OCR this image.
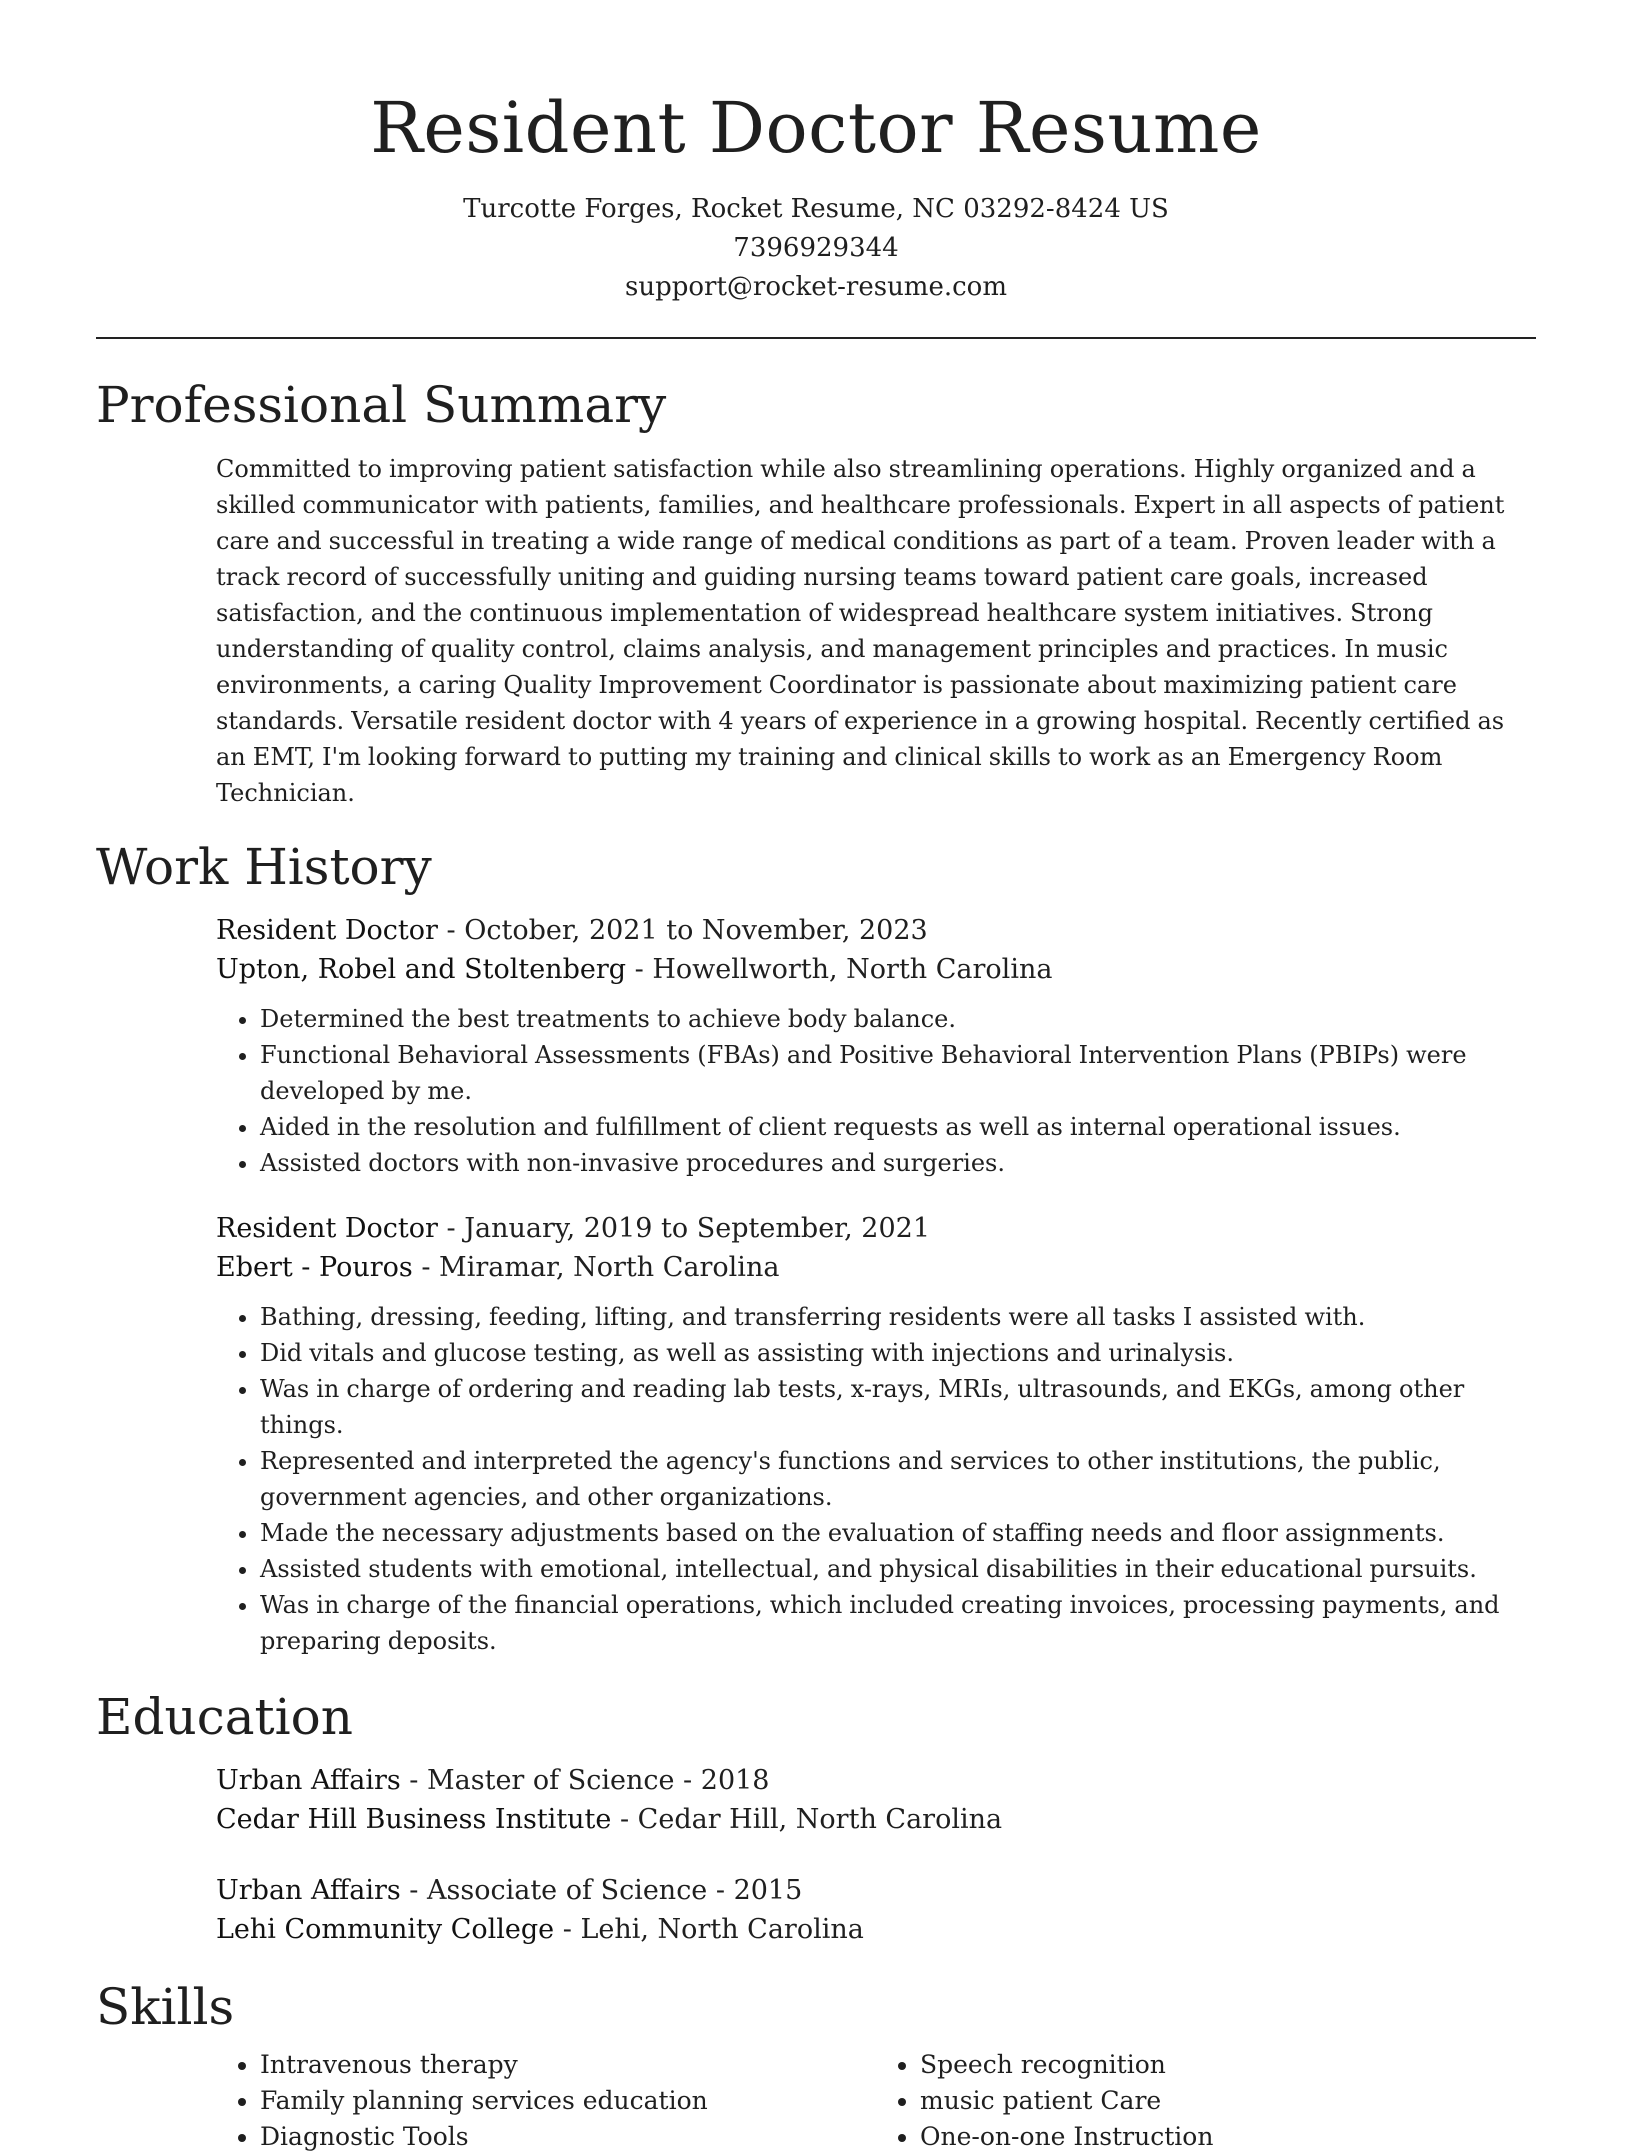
Resident Doctor Resume
Turcotte Forges, Rocket Resume, NC 03292-8424 US
7396929344
support@rocket-resume.com
Professional Summary

Committed to improving patient satisfaction while also streamlining operations. Highly organized and a skilled communicator with patients, families, and healthcare professionals. Expert in all aspects of patient care and successful in treating a wide range of medical conditions as part of a team. Proven leader with a track record of successfully uniting and guiding nursing teams toward patient care goals, increased satisfaction, and the continuous implementation of widespread healthcare system initiatives. Strong understanding of quality control, claims analysis, and management principles and practices. In music environments, a caring Quality Improvement Coordinator is passionate about maximizing patient care standards. Versatile resident doctor with 4 years of experience in a growing hospital. Recently certified as an EMT, I'm looking forward to putting my training and clinical skills to work as an Emergency Room Technician.

Work History
Resident Doctor - October, 2021 to November, 2023
Upton, Robel and Stoltenberg - Howellworth, North Carolina
• Determined the best treatments to achieve body balance.
• Functional Behavioral Assessments (FBAs) and Positive Behavioral Intervention Plans (PBIPs) were developed by me.
• Aided in the resolution and fulfillment of client requests as well as internal operational issues.
• Assisted doctors with non-invasive procedures and surgeries.
Resident Doctor - January, 2019 to September, 2021
Ebert - Pouros - Miramar, North Carolina
• Bathing, dressing, feeding, lifting, and transferring residents were all tasks I assisted with.
• Did vitals and glucose testing, as well as assisting with injections and urinalysis.
• Was in charge of ordering and reading lab tests, x-rays, MRIs, ultrasounds, and EKGs, among other things.
• Represented and interpreted the agency's functions and services to other institutions, the public, government agencies, and other organizations.
• Made the necessary adjustments based on the evaluation of staffing needs and floor assignments.
• Assisted students with emotional, intellectual, and physical disabilities in their educational pursuits.
• Was in charge of the financial operations, which included creating invoices, processing payments, and preparing deposits.
Education
Urban Affairs - Master of Science - 2018
Cedar Hill Business Institute - Cedar Hill, North Carolina
Urban Affairs - Associate of Science - 2015
Lehi Community College - Lehi, North Carolina
Skills
• Intravenous therapy
• Family planning services education
• Diagnostic Tools
• Speech recognition
• music patient Care
• One-on-one Instruction
